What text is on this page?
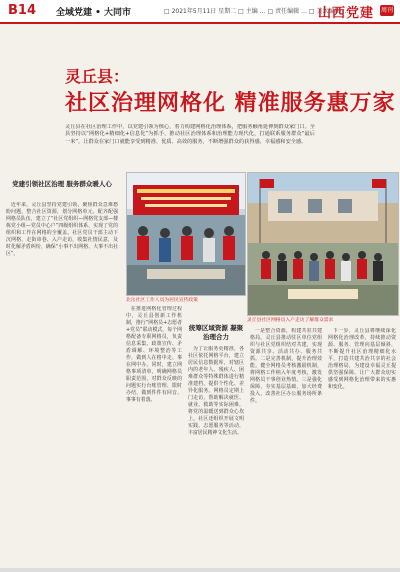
B14 全域党建 • 大同市	□ 2021年5月11日 星期二 □ 主编 … □ 责任编辑 … □ 美术编辑 …
山西党建 周刊
灵丘县：
社区治理网格化 精准服务惠万家

灵丘县在社区治理工作中，以党建引领为核心，着力构建网格化治理体系，把服务触角延伸到群众家门口。全县坚持以“网格化+精细化+信息化”为抓手，推动社区治理体系和治理能力现代化，打通联系服务群众“最后一米”，让群众在家门口就能享受到精准、优质、高效的服务，不断增强群众的获得感、幸福感和安全感。

北岳社区工作人员为居民宣传政策
灵丘县社区网格员入户走访了解群众需求
党建引领社区治理 服务群众暖人心

近年来，灵丘县坚持党建引领，聚焦群众急难愁盼问题，整合社区资源，划分网格单元，配齐配强网格员队伍，建立了“社区党组织—网格党支部—楼栋党小组—党员中心户”四级组织体系，实现了党的组织和工作在网格的全覆盖。社区党员干部主动下沉网格，走街串巷、入户走访，收集社情民意，及时化解矛盾纠纷，确保“小事不出网格、大事不出社区”。

在推进网格化管理过程中，灵丘县创新工作机制，推行“网格员+志愿者+党员”联动模式，每个网格配备专职网格员，负责信息采集、政策宣传、矛盾调解、环境整治等工作，做到人在格中走、事在网中办。同时，建立网格事项清单，明确网格员职责范围，对群众反映的问题实行台账管理、限时办结，做到件件有回音、事事有着落。

统筹区域资源 凝聚治理合力

为了让服务更精准，各社区依托网格平台，建立居民信息数据库，对辖区内的老年人、残疾人、困难群众等特殊群体进行精准建档，提供个性化、差异化服务。网格员定期上门走访，帮助解决就医、就业、救助等实际困难，将党的温暖送到群众心坎上。社区还组织开展文明实践、志愿服务等活动，丰富居民精神文化生活。

一是整合资源，构建共驻共建格局。灵丘县推动驻区单位党组织与社区党组织结对共建，实现资源共享、活动共办、服务共抓。二是完善机制，提升治理效能。健全网格员考核激励机制，将网格工作纳入年度考核，激发网格员干事创业热情。三是强化保障，夯实基层基础，加大经费投入，改善社区办公服务场所条件。

下一步，灵丘县将继续深化网格化治理改革，持续推动资源、服务、管理向基层倾斜，不断提升社区治理精细化水平，打造共建共治共享的社会治理格局，为建设幸福灵丘提供坚强保障，让广大群众切实感受到网格化治理带来的实惠和变化。
